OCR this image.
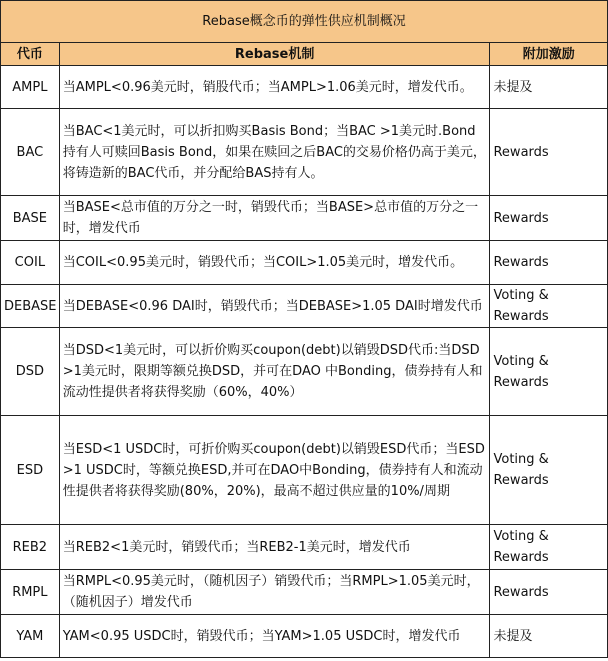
Rebase概念币的弹性供应机制概况		
代币	Rebase机制	附加激励
AMPL	当AMPL<0.96美元时，销股代币；当AMPL>1.06美元时，增发代币。	未提及
BAC	当BAC<1美元时，可以折扣购买Basis Bond；当BAC >1美元时.Bond持有人可赎回Basis Bond，如果在赎回之后BAC的交易价格仍高于美元，将铸造新的BAC代币，并分配给BAS持有人。	Rewards
BASE	当BASE<总市值的万分之一时，销毁代币；当BASE>总市值的万分之一时，增发代币	Rewards
COIL	当COIL<0.95美元时，销毁代币；当COIL>1.05美元时，增发代币。	Rewards
DEBASE	当DEBASE<0.96 DAI时，销毁代币；当DEBASE>1.05 DAI时增发代币	Voting & Rewards
DSD	当DSD<1美元时，可以折价购买coupon(debt)以销毁DSD代币:当DSD>1美元时，限期等额兑换DSD，并可在DAO 中Bonding，债券持有人和流动性提供者将获得奖励（60%，40%）	Voting & Rewards
ESD	当ESD<1 USDC时，可折价购买coupon(debt)以销毁ESD代币；当ESD>1 USDC时，等额兑换ESD,并可在DAO中Bonding，债券持有人和流动性提供者将获得奖励(80%，20%)，最高不超过供应量的10%/周期	Voting & Rewards
REB2	当REB2<1美元时，销毁代币；当REB2-1美元时，增发代币	Voting & Rewards
RMPL	当RMPL<0.95美元时，（随机因子）销毁代币；当RMPL>1.05美元时，（随机因子）增发代币	Rewards
YAM	YAM<0.95 USDC时，销毁代币；当YAM>1.05 USDC时，增发代币	未提及
